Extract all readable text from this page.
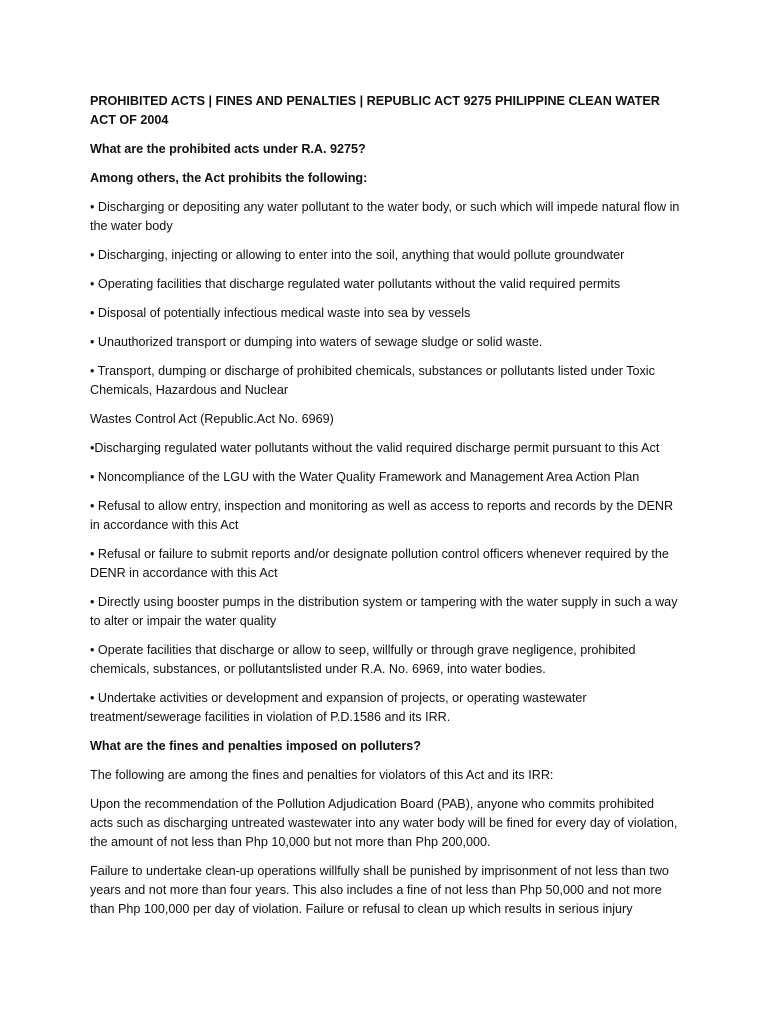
PROHIBITED ACTS | FINES AND PENALTIES | REPUBLIC ACT 9275 PHILIPPINE CLEAN WATER ACT OF 2004

What are the prohibited acts under R.A. 9275?

Among others, the Act prohibits the following:

• Discharging or depositing any water pollutant to the water body, or such which will impede natural flow in the water body

• Discharging, injecting or allowing to enter into the soil, anything that would pollute groundwater

• Operating facilities that discharge regulated water pollutants without the valid required permits

• Disposal of potentially infectious medical waste into sea by vessels

• Unauthorized transport or dumping into waters of sewage sludge or solid waste.

• Transport, dumping or discharge of prohibited chemicals, substances or pollutants listed under Toxic Chemicals, Hazardous and Nuclear

Wastes Control Act (Republic.Act No. 6969)

•Discharging regulated water pollutants without the valid required discharge permit pursuant to this Act

• Noncompliance of the LGU with the Water Quality Framework and Management Area Action Plan

• Refusal to allow entry, inspection and monitoring as well as access to reports and records by the DENR in accordance with this Act

• Refusal or failure to submit reports and/or designate pollution control officers whenever required by the DENR in accordance with this Act

• Directly using booster pumps in the distribution system or tampering with the water supply in such a way to alter or impair the water quality

• Operate facilities that discharge or allow to seep, willfully or through grave negligence, prohibited chemicals, substances, or pollutantslisted under R.A. No. 6969, into water bodies.

• Undertake activities or development and expansion of projects, or operating wastewater treatment/sewerage facilities in violation of P.D.1586 and its IRR.

What are the fines and penalties imposed on polluters?

The following are among the fines and penalties for violators of this Act and its IRR:

Upon the recommendation of the Pollution Adjudication Board (PAB), anyone who commits prohibited acts such as discharging untreated wastewater into any water body will be fined for every day of violation, the amount of not less than Php 10,000 but not more than Php 200,000.

Failure to undertake clean-up operations willfully shall be punished by imprisonment of not less than two years and not more than four years. This also includes a fine of not less than Php 50,000 and not more than Php 100,000 per day of violation. Failure or refusal to clean up which results in serious injury
